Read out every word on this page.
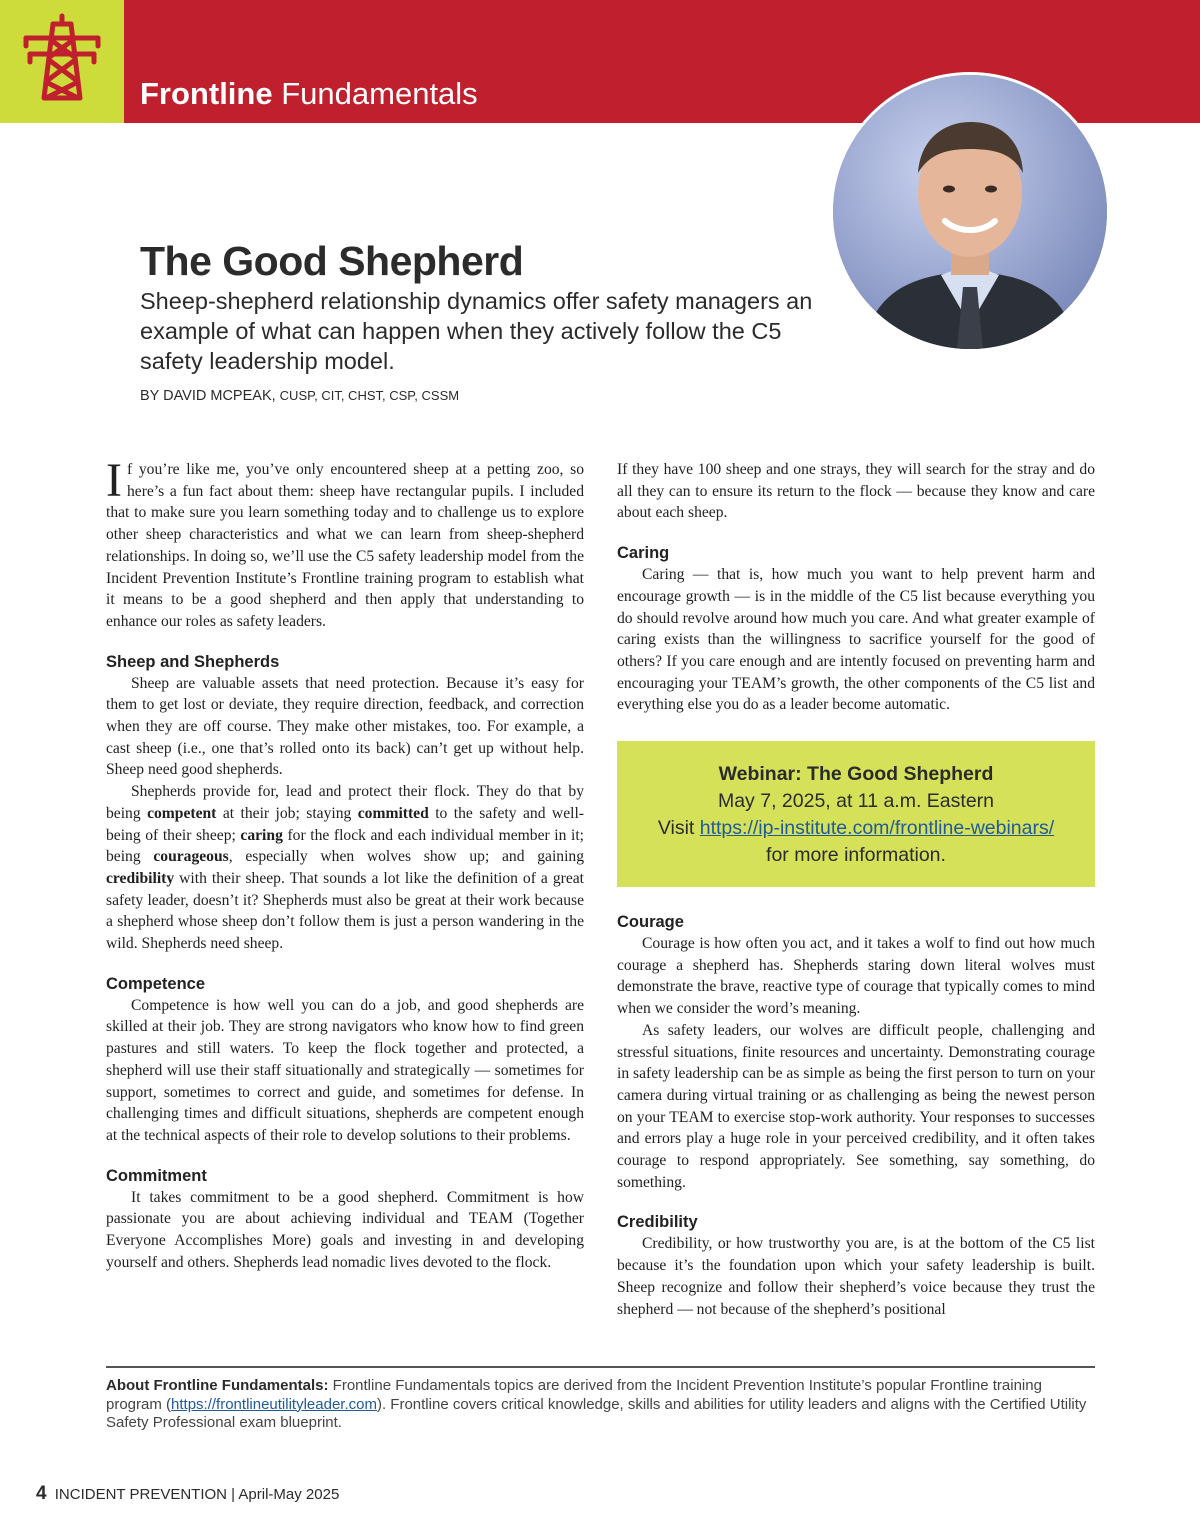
Frontline Fundamentals
The Good Shepherd

Sheep-shepherd relationship dynamics offer safety managers an example of what can happen when they actively follow the C5 safety leadership model.

BY DAVID MCPEAK, CUSP, CIT, CHST, CSP, CSSM

If you’re like me, you’ve only encountered sheep at a petting zoo, so here’s a fun fact about them: sheep have rectangular pupils. I included that to make sure you learn something today and to challenge us to explore other sheep characteristics and what we can learn from sheep-shepherd relationships. In doing so, we’ll use the C5 safety leadership model from the Incident Prevention Institute’s Frontline training program to establish what it means to be a good shepherd and then apply that understanding to enhance our roles as safety leaders.

Sheep and Shepherds

Sheep are valuable assets that need protection. Because it’s easy for them to get lost or deviate, they require direction, feedback, and correction when they are off course. They make other mistakes, too. For example, a cast sheep (i.e., one that’s rolled onto its back) can’t get up without help. Sheep need good shepherds.

Shepherds provide for, lead and protect their flock. They do that by being competent at their job; staying committed to the safety and well-being of their sheep; caring for the flock and each individual member in it; being courageous, especially when wolves show up; and gaining credibility with their sheep. That sounds a lot like the definition of a great safety leader, doesn’t it? Shepherds must also be great at their work because a shepherd whose sheep don’t follow them is just a person wandering in the wild. Shepherds need sheep.

Competence

Competence is how well you can do a job, and good shepherds are skilled at their job. They are strong navigators who know how to find green pastures and still waters. To keep the flock together and protected, a shepherd will use their staff situationally and strategically — sometimes for support, sometimes to correct and guide, and sometimes for defense. In challenging times and difficult situations, shepherds are competent enough at the technical aspects of their role to develop solutions to their problems.

Commitment

It takes commitment to be a good shepherd. Commitment is how passionate you are about achieving individual and TEAM (Together Everyone Accomplishes More) goals and investing in and developing yourself and others. Shepherds lead nomadic lives devoted to the flock.

If they have 100 sheep and one strays, they will search for the stray and do all they can to ensure its return to the flock — because they know and care about each sheep.

Caring

Caring — that is, how much you want to help prevent harm and encourage growth — is in the middle of the C5 list because everything you do should revolve around how much you care. And what greater example of caring exists than the willingness to sacrifice yourself for the good of others? If you care enough and are intently focused on preventing harm and encouraging your TEAM’s growth, the other components of the C5 list and everything else you do as a leader become automatic.

Webinar: The Good Shepherd
May 7, 2025, at 11 a.m. Eastern
Visit https://ip-institute.com/frontline-webinars/
for more information.
Courage

Courage is how often you act, and it takes a wolf to find out how much courage a shepherd has. Shepherds staring down literal wolves must demonstrate the brave, reactive type of courage that typically comes to mind when we consider the word’s meaning.

As safety leaders, our wolves are difficult people, challenging and stressful situations, finite resources and uncertainty. Demonstrating courage in safety leadership can be as simple as being the first person to turn on your camera during virtual training or as challenging as being the newest person on your TEAM to exercise stop-work authority. Your responses to successes and errors play a huge role in your perceived credibility, and it often takes courage to respond appropriately. See something, say something, do something.

Credibility

Credibility, or how trustworthy you are, is at the bottom of the C5 list because it’s the foundation upon which your safety leadership is built. Sheep recognize and follow their shepherd’s voice because they trust the shepherd — not because of the shepherd’s positional

About Frontline Fundamentals: Frontline Fundamentals topics are derived from the Incident Prevention Institute’s popular Frontline training program (https://frontlineutilityleader.com). Frontline covers critical knowledge, skills and abilities for utility leaders and aligns with the Certified Utility Safety Professional exam blueprint.

4 INCIDENT PREVENTION | April-May 2025
